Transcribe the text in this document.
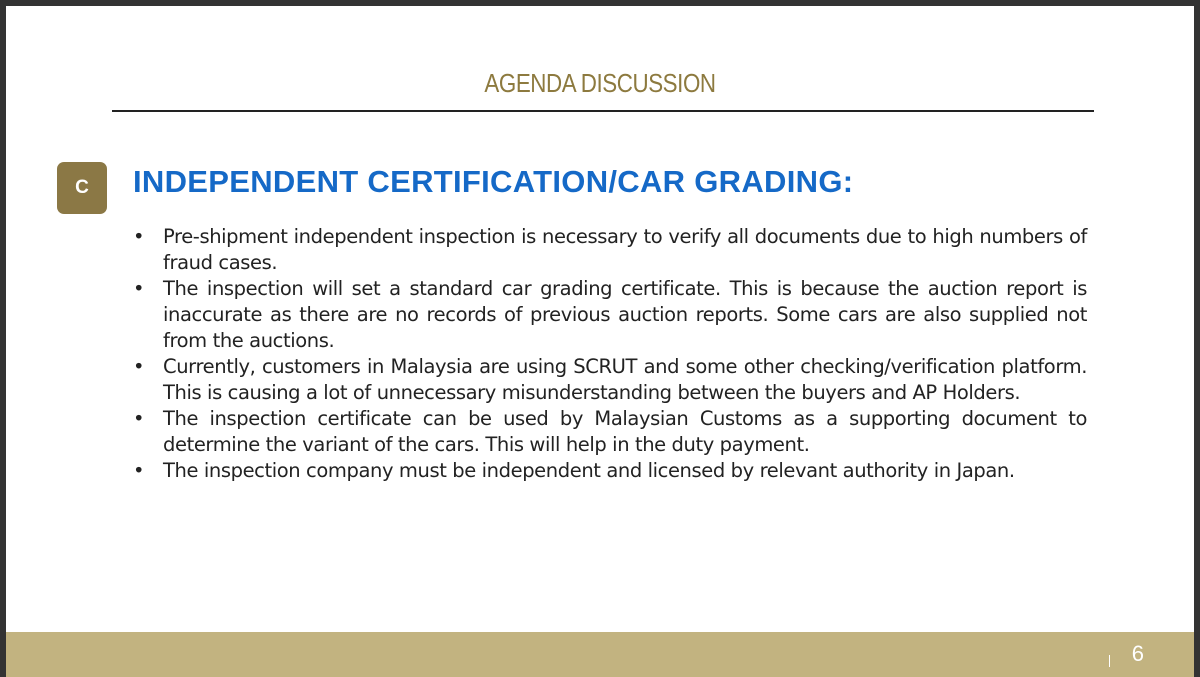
AGENDA DISCUSSION
C	INDEPENDENT CERTIFICATION/CAR GRADING:
• Pre-shipment independent inspection is necessary to verify all documents due to high numbers of fraud cases.
• The inspection will set a standard car grading certificate. This is because the auction report is inaccurate as there are no records of previous auction reports. Some cars are also supplied not from the auctions.
• Currently, customers in Malaysia are using SCRUT and some other checking/verification platform. This is causing a lot of unnecessary misunderstanding between the buyers and AP Holders.
• The inspection certificate can be used by Malaysian Customs as a supporting document to determine the variant of the cars. This will help in the duty payment.
• The inspection company must be independent and licensed by relevant authority in Japan.
6
